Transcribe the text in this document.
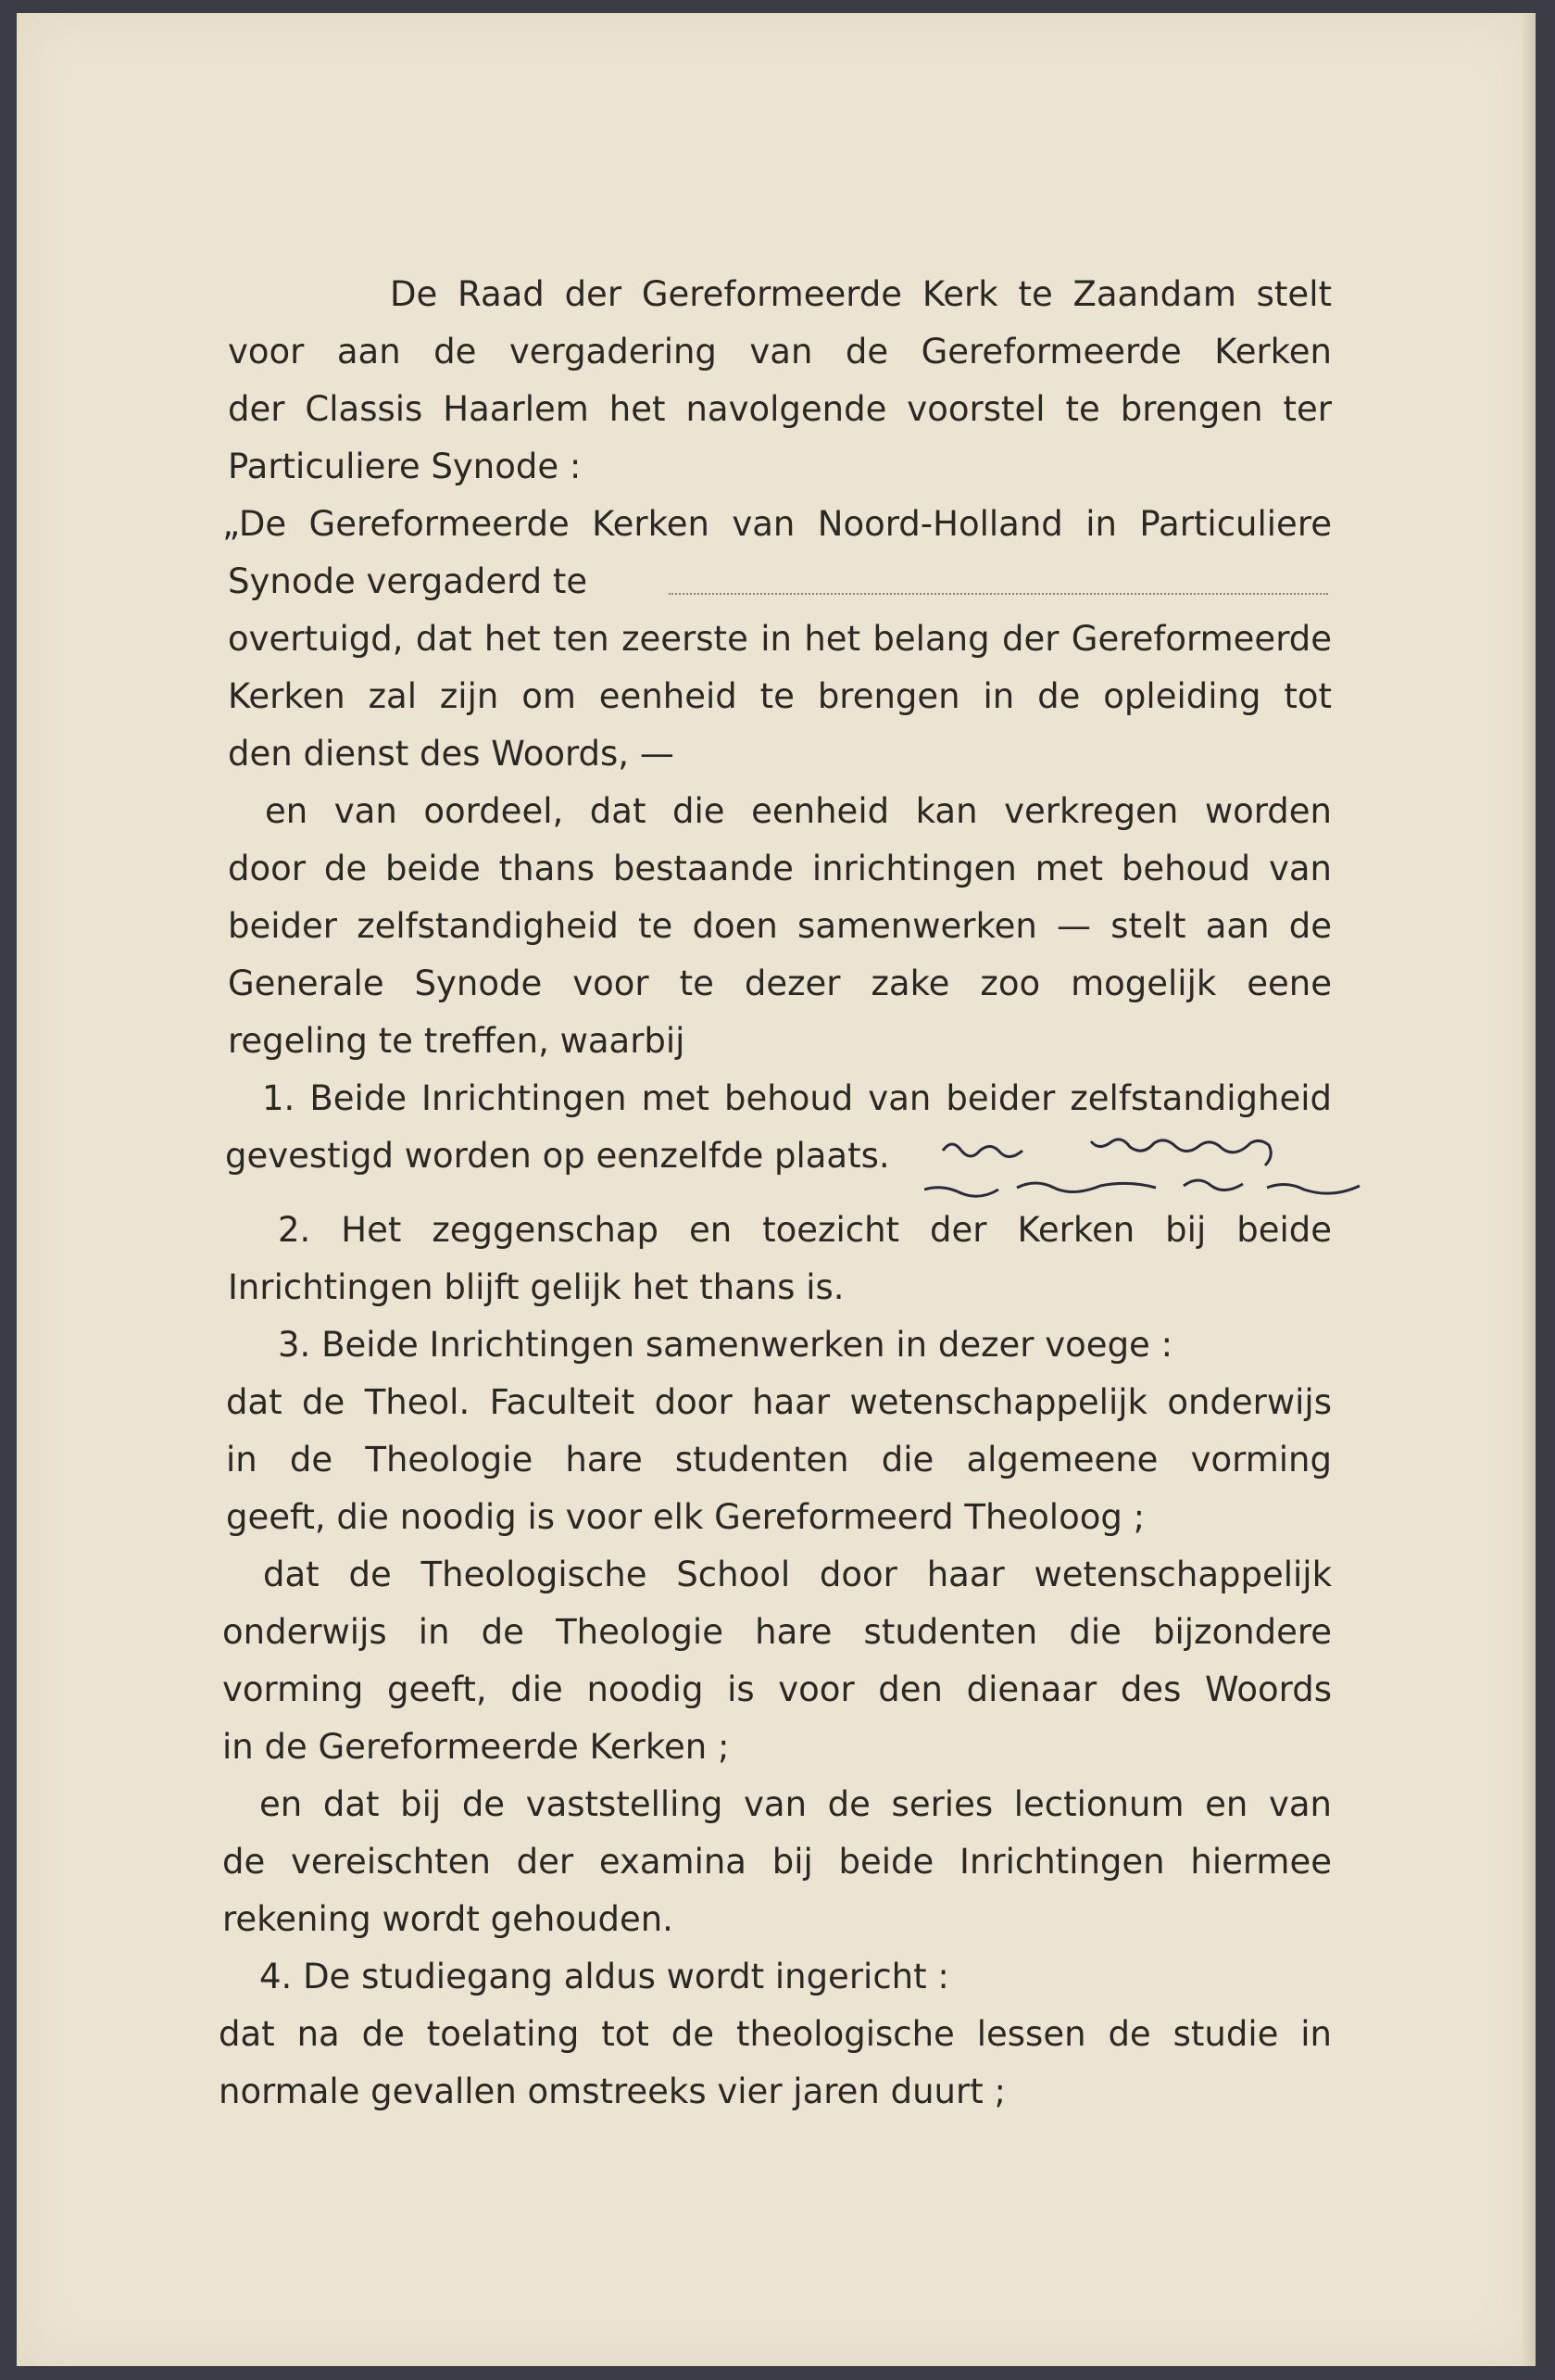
De Raad der Gereformeerde Kerk te Zaandam stelt
voor aan de vergadering van de Gereformeerde Kerken
der Classis Haarlem het navolgende voorstel te brengen ter
Particuliere Synode :
„De Gereformeerde Kerken van Noord-Holland in Particuliere
Synode vergaderd te
overtuigd, dat het ten zeerste in het belang der Gereformeerde
Kerken zal zijn om eenheid te brengen in de opleiding tot
den dienst des Woords, —
en van oordeel, dat die eenheid kan verkregen worden
door de beide thans bestaande inrichtingen met behoud van
beider zelfstandigheid te doen samenwerken — stelt aan de
Generale Synode voor te dezer zake zoo mogelijk eene
regeling te treffen, waarbij
1. Beide Inrichtingen met behoud van beider zelfstandigheid
gevestigd worden op eenzelfde plaats.
2. Het zeggenschap en toezicht der Kerken bij beide
Inrichtingen blijft gelijk het thans is.
3. Beide Inrichtingen samenwerken in dezer voege :
dat de Theol. Faculteit door haar wetenschappelijk onderwijs
in de Theologie hare studenten die algemeene vorming
geeft, die noodig is voor elk Gereformeerd Theoloog ;
dat de Theologische School door haar wetenschappelijk
onderwijs in de Theologie hare studenten die bijzondere
vorming geeft, die noodig is voor den dienaar des Woords
in de Gereformeerde Kerken ;
en dat bij de vaststelling van de series lectionum en van
de vereischten der examina bij beide Inrichtingen hiermee
rekening wordt gehouden.
4. De studiegang aldus wordt ingericht :
dat na de toelating tot de theologische lessen de studie in
normale gevallen omstreeks vier jaren duurt ;
